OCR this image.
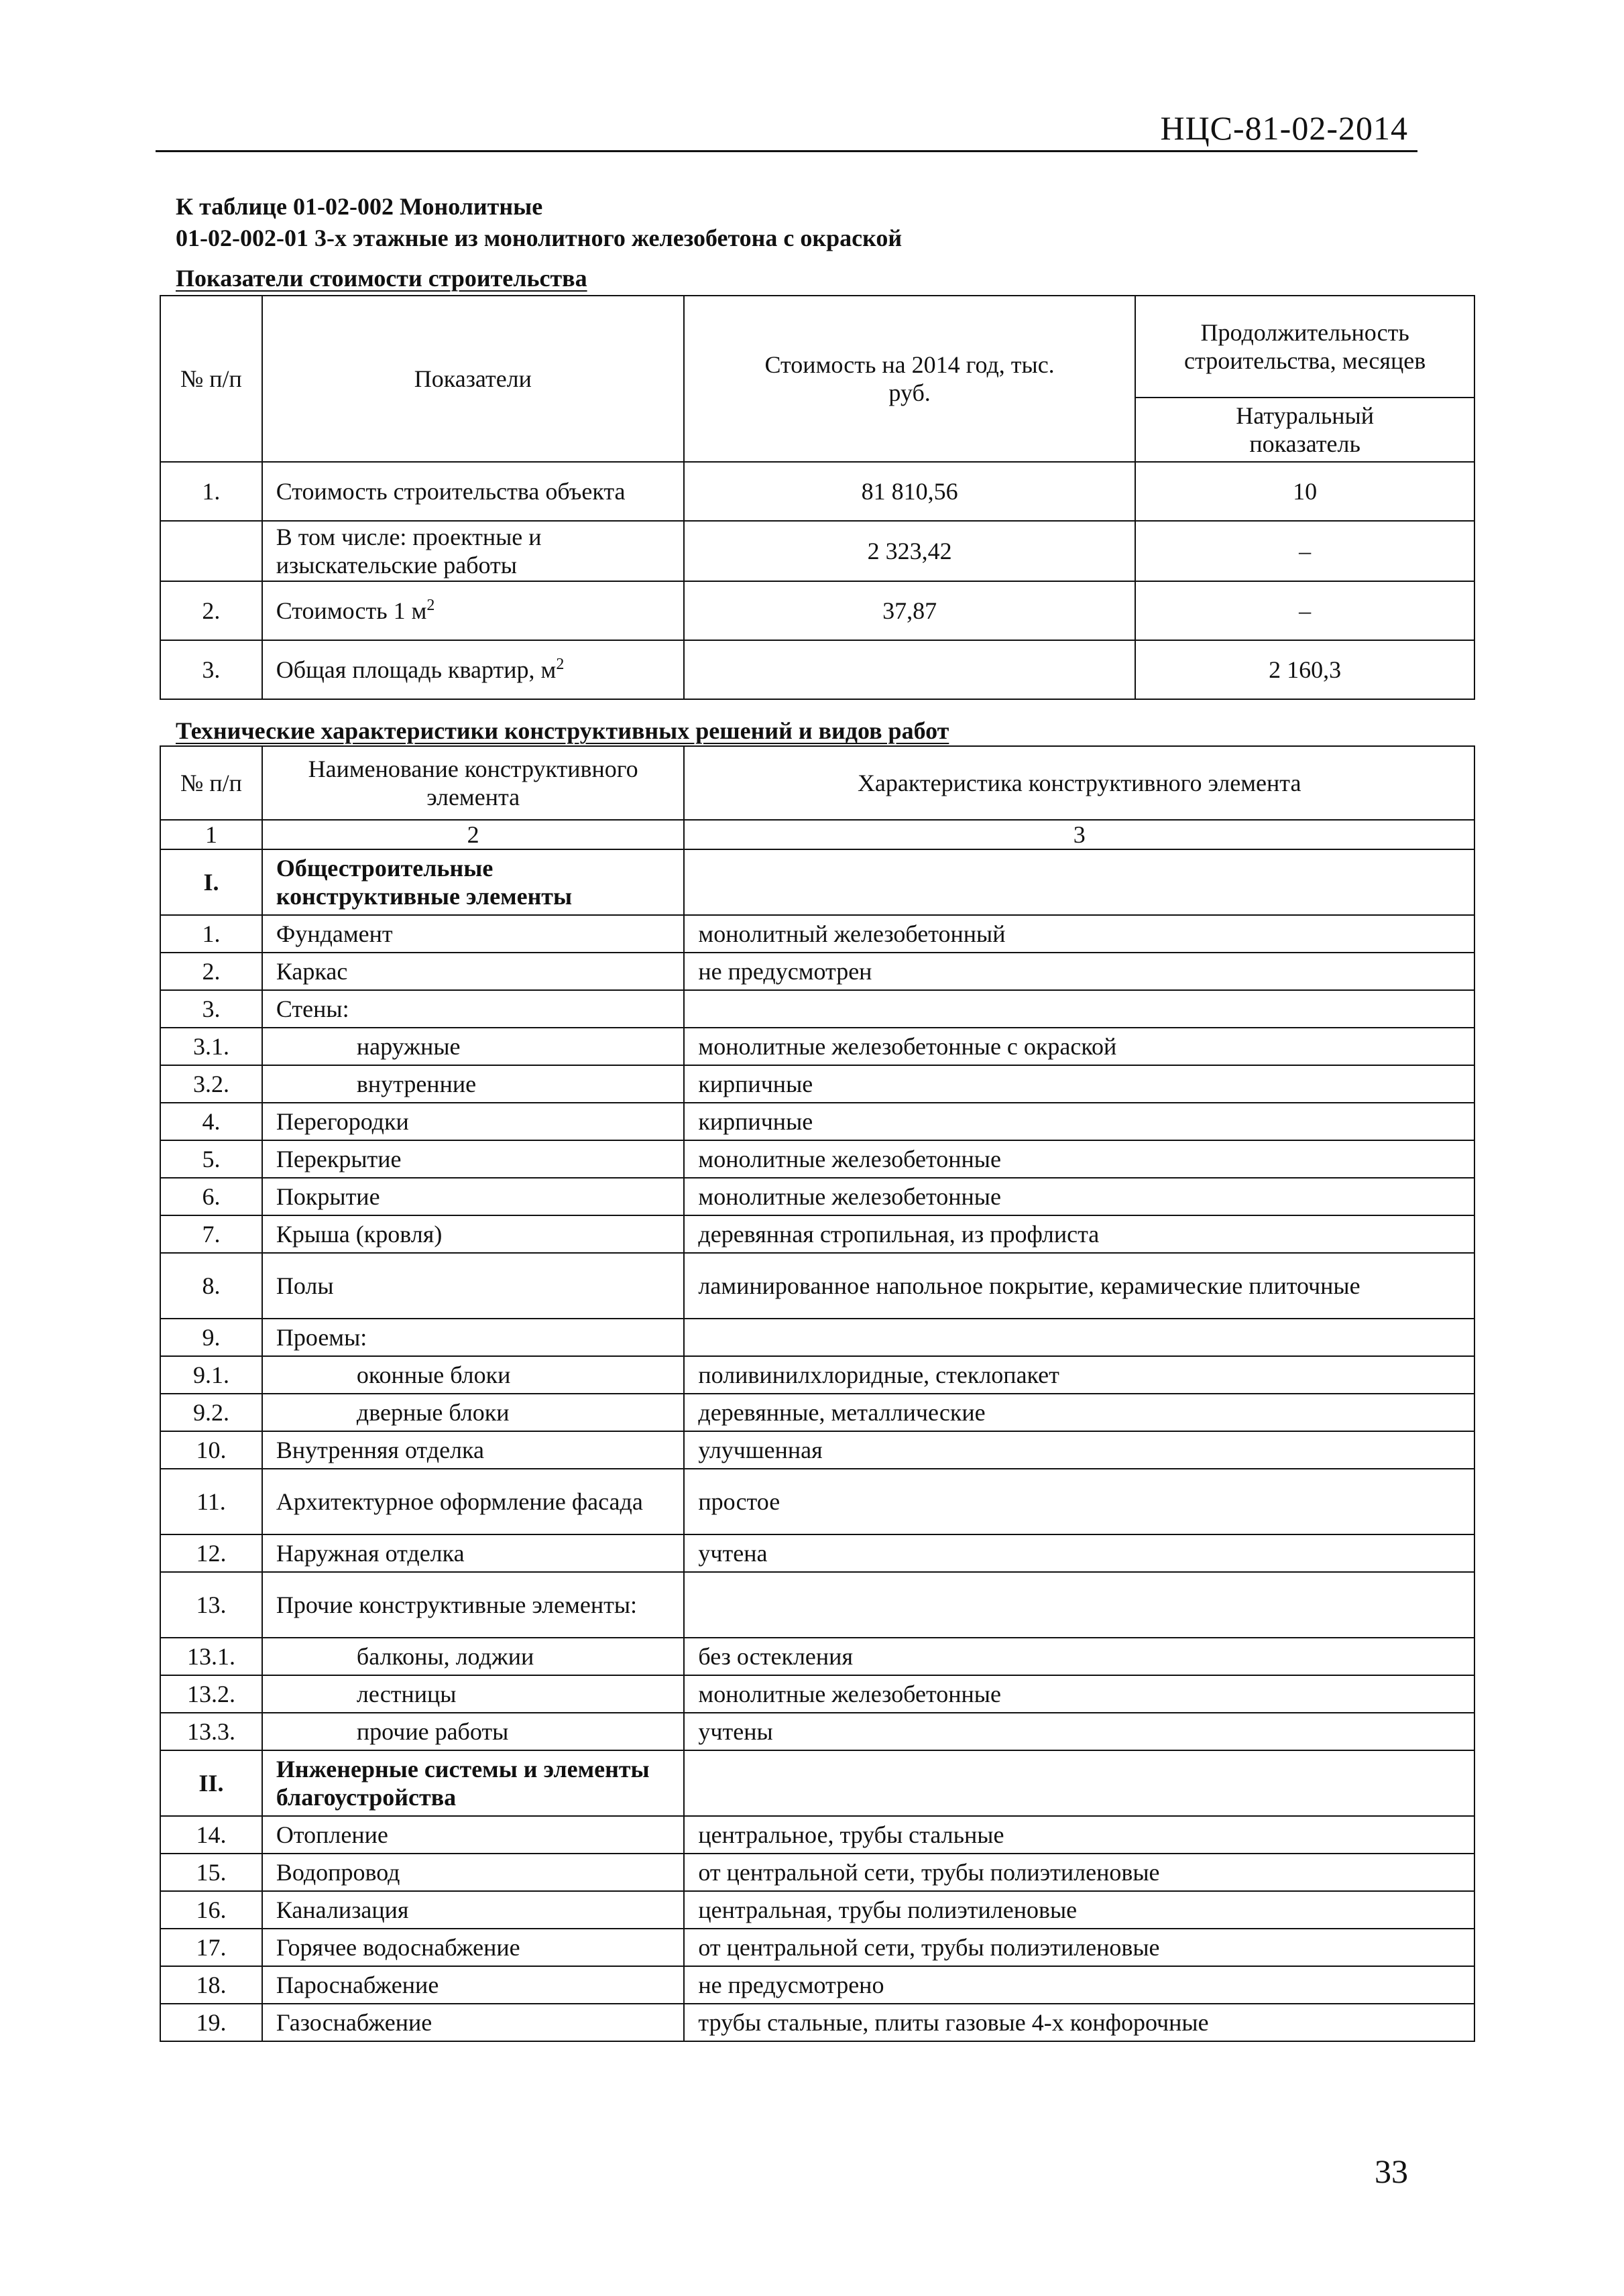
НЦС-81-02-2014
К таблице 01-02-002 Монолитные
01-02-002-01 3-х этажные из монолитного железобетона с окраской
Показатели стоимости строительства
№ п/п	Показатели	Стоимость на 2014 год, тыс. руб.	Продолжительность строительства, месяцев
			Натуральный показатель
1.	Стоимость строительства объекта	81 810,56	10
	В том числе: проектные и изыскательские работы	2 323,42	–
2.	Стоимость 1 $м^2$	37,87	–
3.	Общая площадь квартир, $м^2$		2 160,3
Технические характеристики конструктивных решений и видов работ
№ п/п	Наименование конструктивного элемента	Характеристика конструктивного элемента
1	2	3
I.	Общестроительные конструктивные элементы	
1.	Фундамент	монолитный железобетонный
2.	Каркас	не предусмотрен
3.	Стены:	
3.1.	наружные	монолитные железобетонные с окраской
3.2.	внутренние	кирпичные
4.	Перегородки	кирпичные
5.	Перекрытие	монолитные железобетонные
6.	Покрытие	монолитные железобетонные
7.	Крыша (кровля)	деревянная стропильная, из профлиста
8.	Полы	ламинированное напольное покрытие, керамические плиточные
9.	Проемы:	
9.1.	оконные блоки	поливинилхлоридные, стеклопакет
9.2.	дверные блоки	деревянные, металлические
10.	Внутренняя отделка	улучшенная
11.	Архитектурное оформление фасада	простое
12.	Наружная отделка	учтена
13.	Прочие конструктивные элементы:	
13.1.	балконы, лоджии	без остекления
13.2.	лестницы	монолитные железобетонные
13.3.	прочие работы	учтены
II.	Инженерные системы и элементы благоустройства	
14.	Отопление	центральное, трубы стальные
15.	Водопровод	от центральной сети, трубы полиэтиленовые
16.	Канализация	центральная, трубы полиэтиленовые
17.	Горячее водоснабжение	от центральной сети, трубы полиэтиленовые
18.	Пароснабжение	не предусмотрено
19.	Газоснабжение	трубы стальные, плиты газовые 4-х конфорочные
33
